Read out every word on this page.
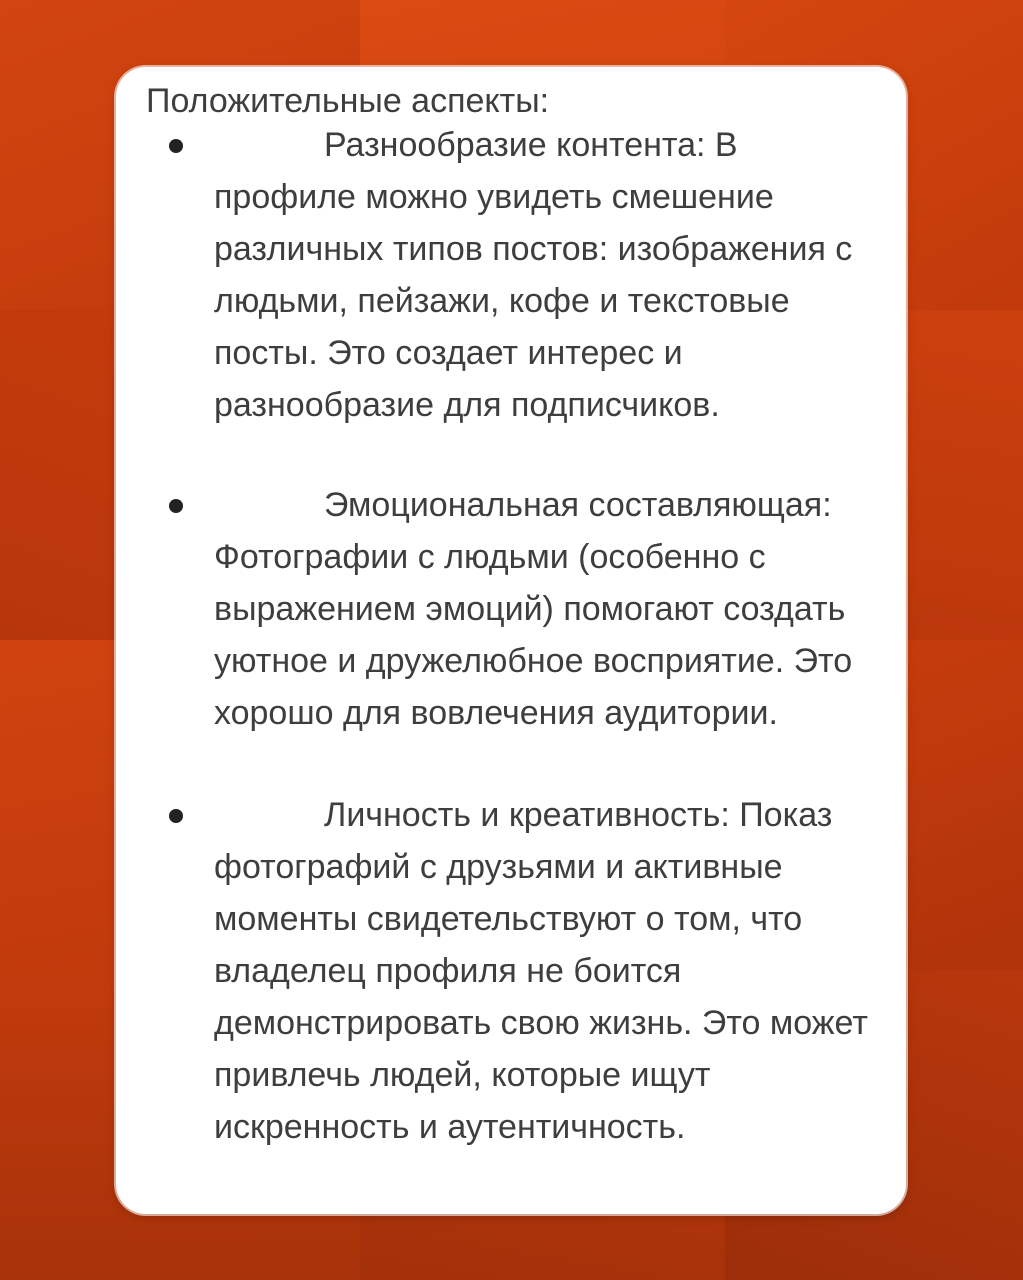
Положительные аспекты:
Разнообразие контента: В профиле можно увидеть смешение различных типов постов: изображения с людьми, пейзажи, кофе и текстовые посты. Это создает интерес и разнообразие для подписчиков.
Эмоциональная составляющая: Фотографии с людьми (особенно с выражением эмоций) помогают создать уютное и дружелюбное восприятие. Это хорошо для вовлечения аудитории.
Личность и креативность: Показ фотографий с друзьями и активные моменты свидетельствуют о том, что владелец профиля не боится демонстрировать свою жизнь. Это может привлечь людей, которые ищут искренность и аутентичность.
